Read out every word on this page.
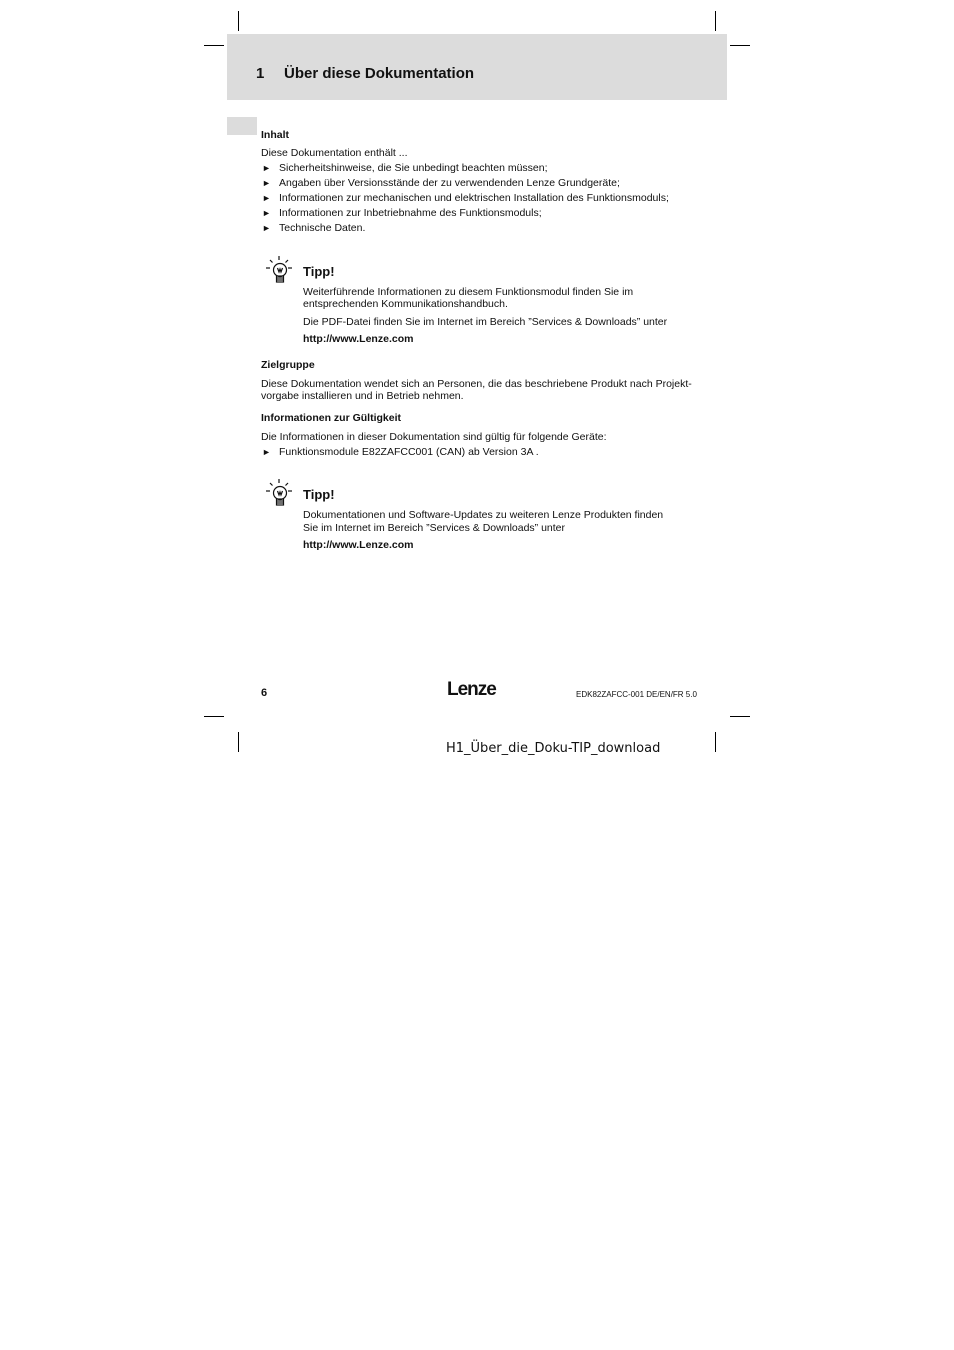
1 Über diese Dokumentation
Inhalt
Diese Dokumentation enthält ...
► Sicherheitshinweise, die Sie unbedingt beachten müssen;
► Angaben über Versionsstände der zu verwendenden Lenze Grundgeräte;
► Informationen zur mechanischen und elektrischen Installation des Funktionsmoduls;
► Informationen zur Inbetriebnahme des Funktionsmoduls;
► Technische Daten.
Tipp!
Weiterführende Informationen zu diesem Funktionsmodul finden Sie im
entsprechenden Kommunikationshandbuch.
Die PDF-Datei finden Sie im Internet im Bereich ”Services & Downloads” unter
http://www.Lenze.com
Zielgruppe
Diese Dokumentation wendet sich an Personen, die das beschriebene Produkt nach Projekt-
vorgabe installieren und in Betrieb nehmen.
Informationen zur Gültigkeit
Die Informationen in dieser Dokumentation sind gültig für folgende Geräte:
► Funktionsmodule E82ZAFCC001 (CAN) ab Version 3A .
Tipp!
Dokumentationen und Software-Updates zu weiteren Lenze Produkten finden
Sie im Internet im Bereich ”Services & Downloads” unter
http://www.Lenze.com
6	Lenze	EDK82ZAFCC-001 DE/EN/FR 5.0
H1_Über_die_Doku-TIP_download
